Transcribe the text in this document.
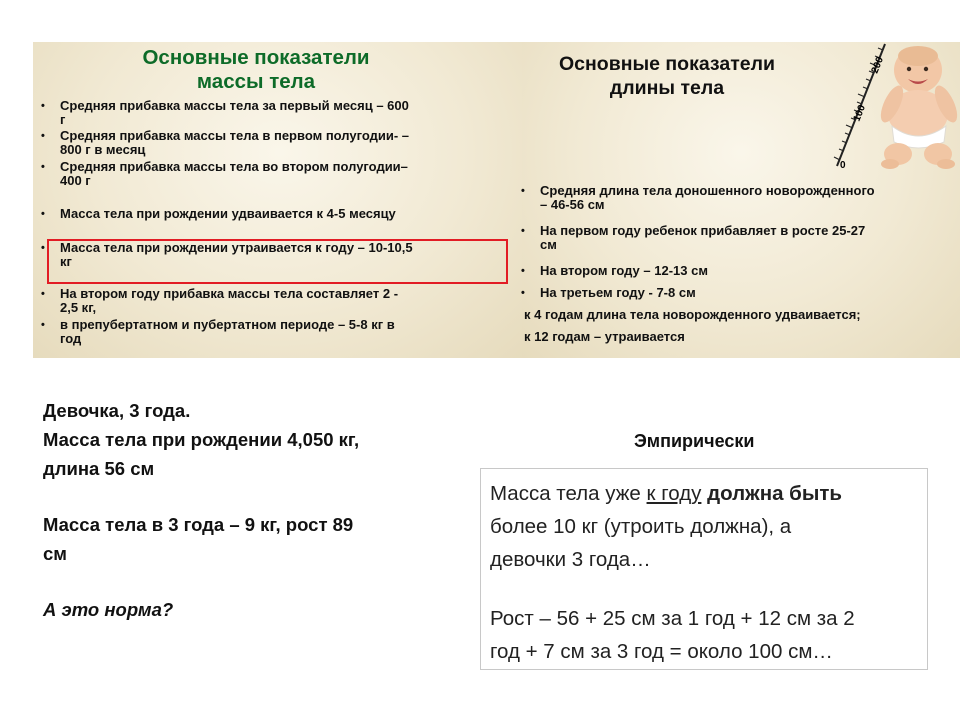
Основные показатели
массы тела
• Средняя прибавка массы тела за первый месяц – 600
г
• Средняя прибавка массы тела в первом полугодии- –
800 г в месяц
• Средняя прибавка массы тела во втором полугодии–
400 г
• Масса тела при рождении удваивается к 4-5 месяцу
• Масса тела при рождении утраивается к году – 10-10,5
кг
• На втором году прибавка массы тела составляет 2 -
2,5 кг,
• в препубертатном и пубертатном периоде – 5-8 кг в
год
Основные показатели
длины тела
• Средняя длина тела доношенного новорожденного
– 46-56 см
• На первом году ребенок прибавляет в росте 25-27
см
• На втором году – 12-13 см
• На третьем году - 7-8 см
к 4 годам длина тела новорожденного удваивается;
к 12 годам – утраивается
200
100
0

Девочка, 3 года.
Масса тела при рождении 4,050 кг,
длина 56 см

Масса тела в 3 года – 9 кг, рост 89
см

А это норма?

Эмпирически

Масса тела уже к году должна быть

более 10 кг (утроить должна), а

девочки 3 года…

Рост – 56 + 25 см за 1 год + 12 см за 2

год + 7 см за 3 год = около 100 см…
